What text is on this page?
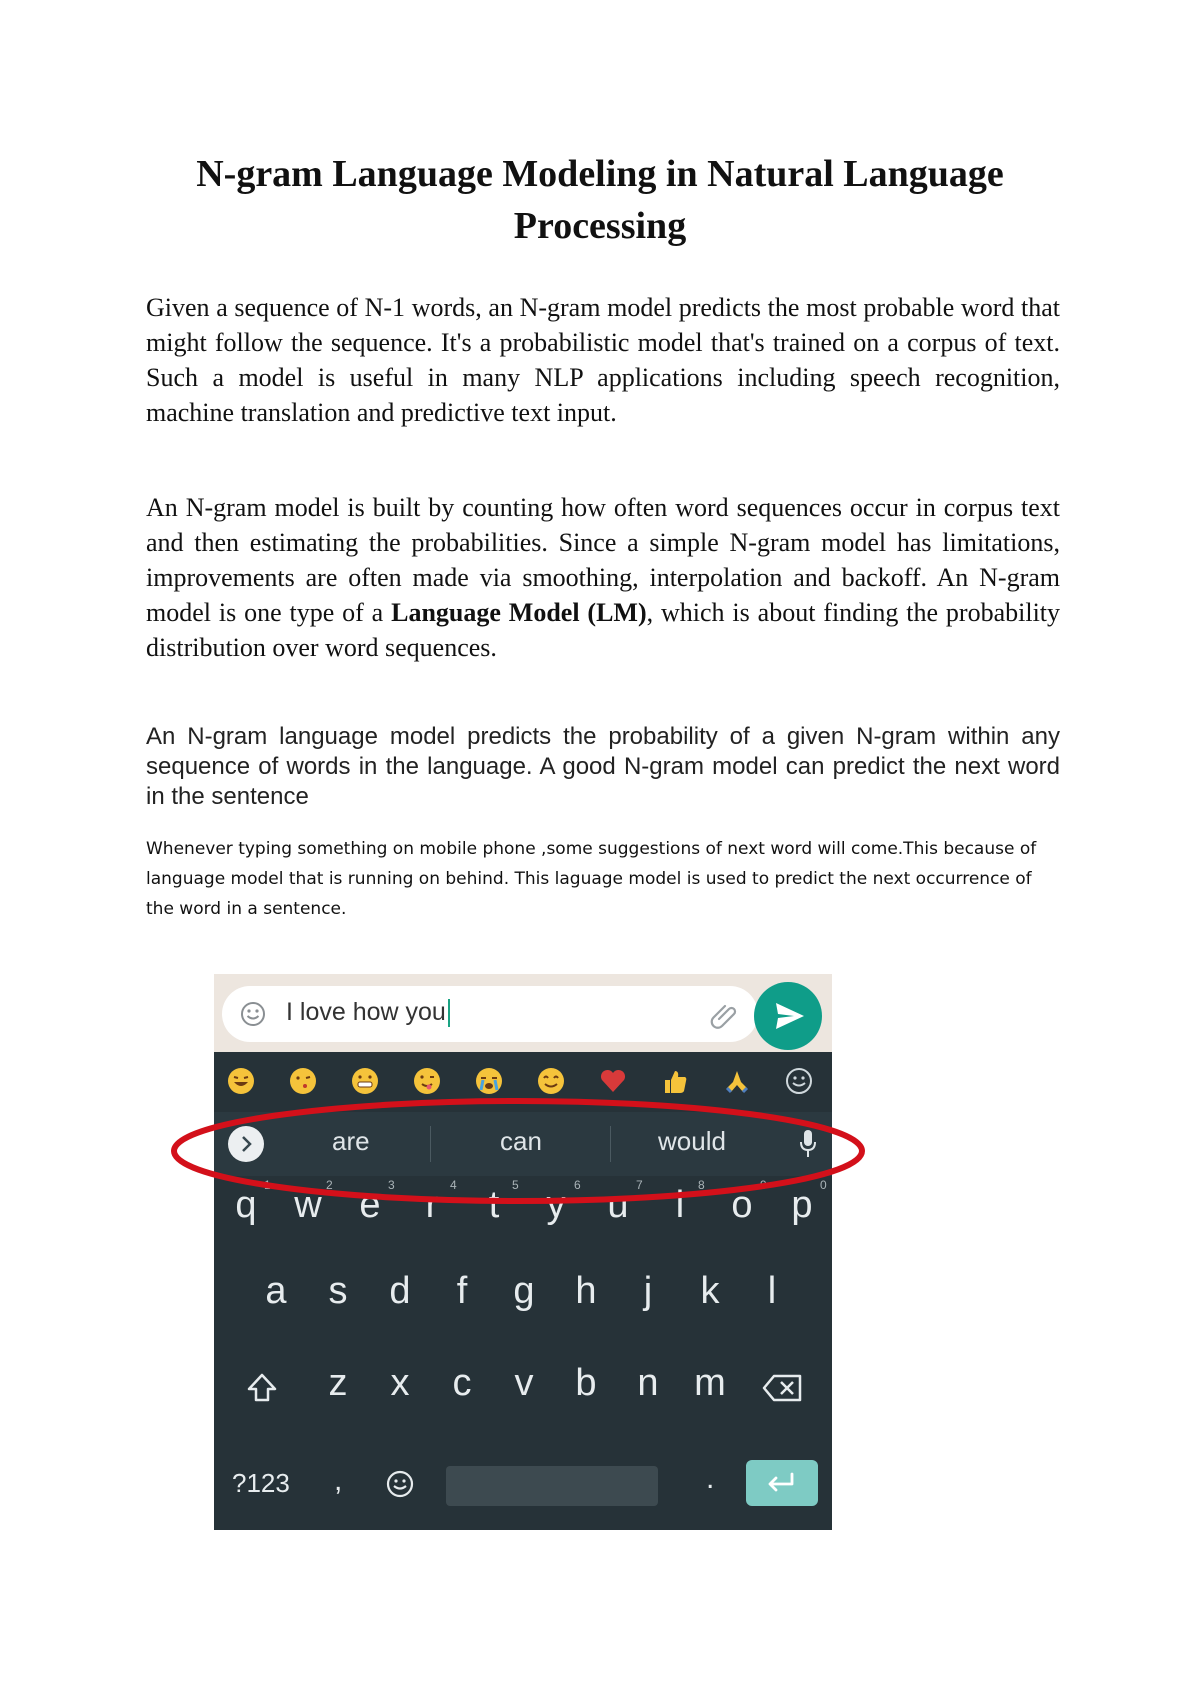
N-gram Language Modeling in Natural Language Processing

Given a sequence of N-1 words, an N-gram model predicts the most probable word that might follow the sequence. It's a probabilistic model that's trained on a corpus of text. Such a model is useful in many NLP applications including speech recognition, machine translation and predictive text input.

An N-gram model is built by counting how often word sequences occur in corpus text and then estimating the probabilities. Since a simple N-gram model has limitations, improvements are often made via smoothing, interpolation and backoff. An N-gram model is one type of a Language Model (LM), which is about finding the probability distribution over word sequences.

An N-gram language model predicts the probability of a given N-gram within any sequence of words in the language. A good N-gram model can predict the next word in the sentence

Whenever typing something on mobile phone ,some suggestions of next word will come.This because of language model that is running on behind. This laguage model is used to predict the next occurrence of the word in a sentence.

I love how you
are	can	would
1	2	3	4	5	6	7	8	9	0
q w e	r	t	y u	i	o p
a s d	f	g h	j	k	l
z x c v b n m
?123 ,	.
